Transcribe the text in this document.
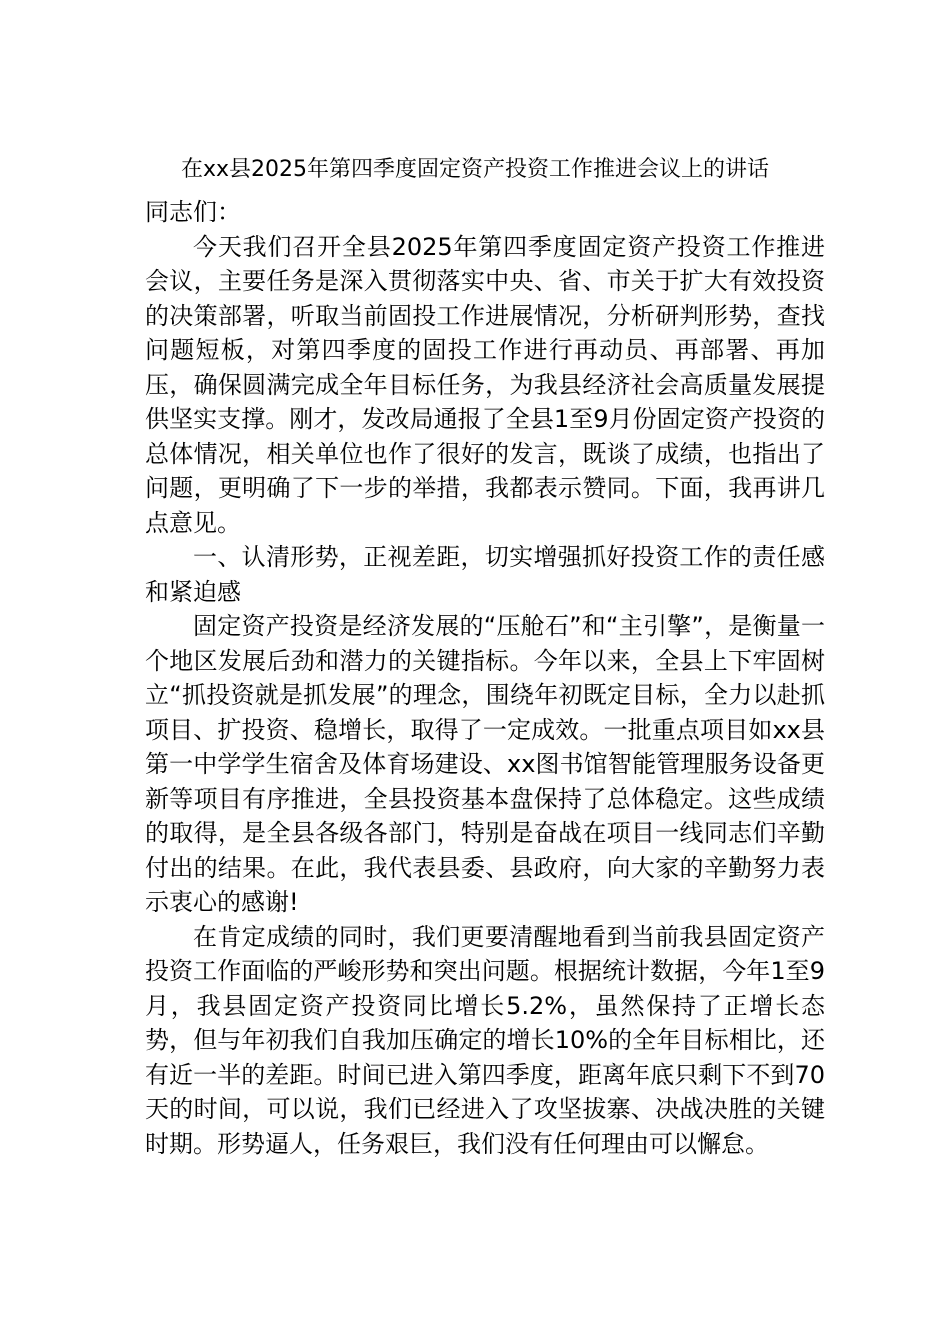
在xx县2025年第四季度固定资产投资工作推进会议上的讲话

同志们：

今天我们召开全县2025年第四季度固定资产投资工作推进会议，主要任务是深入贯彻落实中央、省、市关于扩大有效投资的决策部署，听取当前固投工作进展情况，分析研判形势，查找问题短板，对第四季度的固投工作进行再动员、再部署、再加压，确保圆满完成全年目标任务，为我县经济社会高质量发展提供坚实支撑。刚才，发改局通报了全县1至9月份固定资产投资的总体情况，相关单位也作了很好的发言，既谈了成绩，也指出了问题，更明确了下一步的举措，我都表示赞同。下面，我再讲几点意见。

一、认清形势，正视差距，切实增强抓好投资工作的责任感和紧迫感

固定资产投资是经济发展的“压舱石”和“主引擎”，是衡量一个地区发展后劲和潜力的关键指标。今年以来，全县上下牢固树立“抓投资就是抓发展”的理念，围绕年初既定目标，全力以赴抓项目、扩投资、稳增长，取得了一定成效。一批重点项目如xx县第一中学学生宿舍及体育场建设、xx图书馆智能管理服务设备更新等项目有序推进，全县投资基本盘保持了总体稳定。这些成绩的取得，是全县各级各部门，特别是奋战在项目一线同志们辛勤付出的结果。在此，我代表县委、县政府，向大家的辛勤努力表示衷心的感谢!

在肯定成绩的同时，我们更要清醒地看到当前我县固定资产投资工作面临的严峻形势和突出问题。根据统计数据，今年1至9月，我县固定资产投资同比增长5.2%，虽然保持了正增长态势，但与年初我们自我加压确定的增长10%的全年目标相比，还有近一半的差距。时间已进入第四季度，距离年底只剩下不到70天的时间，可以说，我们已经进入了攻坚拔寨、决战决胜的关键时期。形势逼人，任务艰巨，我们没有任何理由可以懈怠。
